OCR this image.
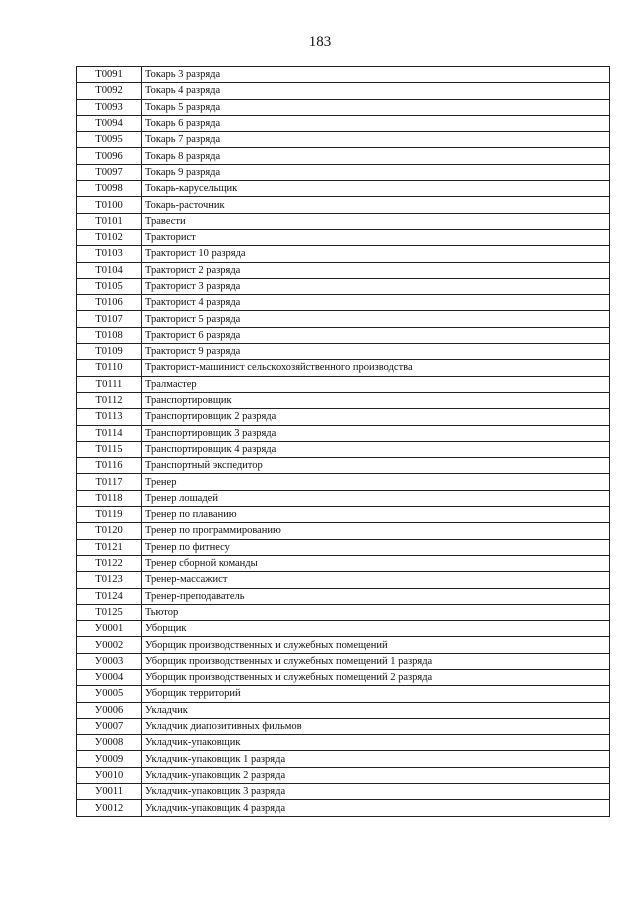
183
Т0091	Токарь 3 разряда
Т0092	Токарь 4 разряда
Т0093	Токарь 5 разряда
Т0094	Токарь 6 разряда
Т0095	Токарь 7 разряда
Т0096	Токарь 8 разряда
Т0097	Токарь 9 разряда
Т0098	Токарь-карусельщик
Т0100	Токарь-расточник
Т0101	Травести
Т0102	Тракторист
Т0103	Тракторист 10 разряда
Т0104	Тракторист 2 разряда
Т0105	Тракторист 3 разряда
Т0106	Тракторист 4 разряда
Т0107	Тракторист 5 разряда
Т0108	Тракторист 6 разряда
Т0109	Тракторист 9 разряда
Т0110	Тракторист-машинист сельскохозяйственного производства
Т0111	Тралмастер
Т0112	Транспортировщик
Т0113	Транспортировщик 2 разряда
Т0114	Транспортировщик 3 разряда
Т0115	Транспортировщик 4 разряда
Т0116	Транспортный экспедитор
Т0117	Тренер
Т0118	Тренер лошадей
Т0119	Тренер по плаванию
Т0120	Тренер по программированию
Т0121	Тренер по фитнесу
Т0122	Тренер сборной команды
Т0123	Тренер-массажист
Т0124	Тренер-преподаватель
Т0125	Тьютор
У0001	Уборщик
У0002	Уборщик производственных и служебных помещений
У0003	Уборщик производственных и служебных помещений 1 разряда
У0004	Уборщик производственных и служебных помещений 2 разряда
У0005	Уборщик территорий
У0006	Укладчик
У0007	Укладчик диапозитивных фильмов
У0008	Укладчик-упаковщик
У0009	Укладчик-упаковщик 1 разряда
У0010	Укладчик-упаковщик 2 разряда
У0011	Укладчик-упаковщик 3 разряда
У0012	Укладчик-упаковщик 4 разряда
